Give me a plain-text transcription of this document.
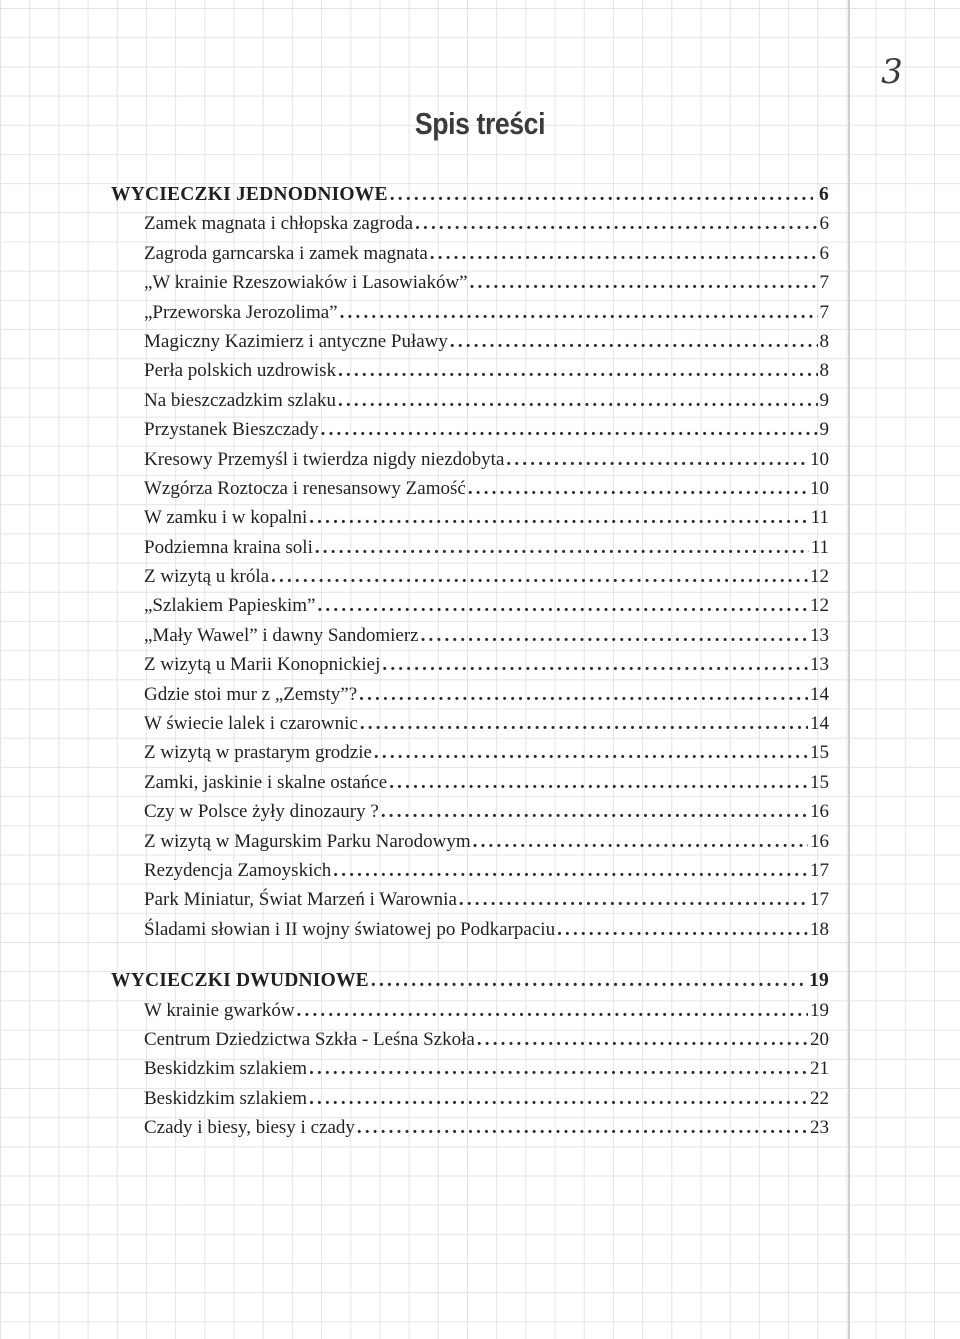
3
Spis treści
WYCIECZKI JEDNODNIOWE .....	6
Zamek magnata i chłopska zagroda .....	6
Zagroda garncarska i zamek magnata .....	6
„W krainie Rzeszowiaków i Lasowiaków” .....	7
„Przeworska Jerozolima” .....	7
Magiczny Kazimierz i antyczne Puławy .....	8
Perła polskich uzdrowisk .....	8
Na bieszczadzkim szlaku .....	9
Przystanek Bieszczady .....	9
Kresowy Przemyśl i twierdza nigdy niezdobyta .....	10
Wzgórza Roztocza i renesansowy Zamość .....	10
W zamku i w kopalni .....	11
Podziemna kraina soli .....	11
Z wizytą u króla .....	12
„Szlakiem Papieskim” .....	12
„Mały Wawel” i dawny Sandomierz .....	13
Z wizytą u Marii Konopnickiej .....	13
Gdzie stoi mur z „Zemsty”? .....	14
W świecie lalek i czarownic .....	14
Z wizytą w prastarym grodzie .....	15
Zamki, jaskinie i skalne ostańce .....	15
Czy w Polsce żyły dinozaury ? .....	16
Z wizytą w Magurskim Parku Narodowym .....	16
Rezydencja Zamoyskich .....	17
Park Miniatur, Świat Marzeń i Warownia .....	17
Śladami słowian i II wojny światowej po Podkarpaciu .....	18
WYCIECZKI DWUDNIOWE .....	19
W krainie gwarków .....	19
Centrum Dziedzictwa Szkła - Leśna Szkoła .....	20
Beskidzkim szlakiem .....	21
Beskidzkim szlakiem .....	22
Czady i biesy, biesy i czady .....	23
